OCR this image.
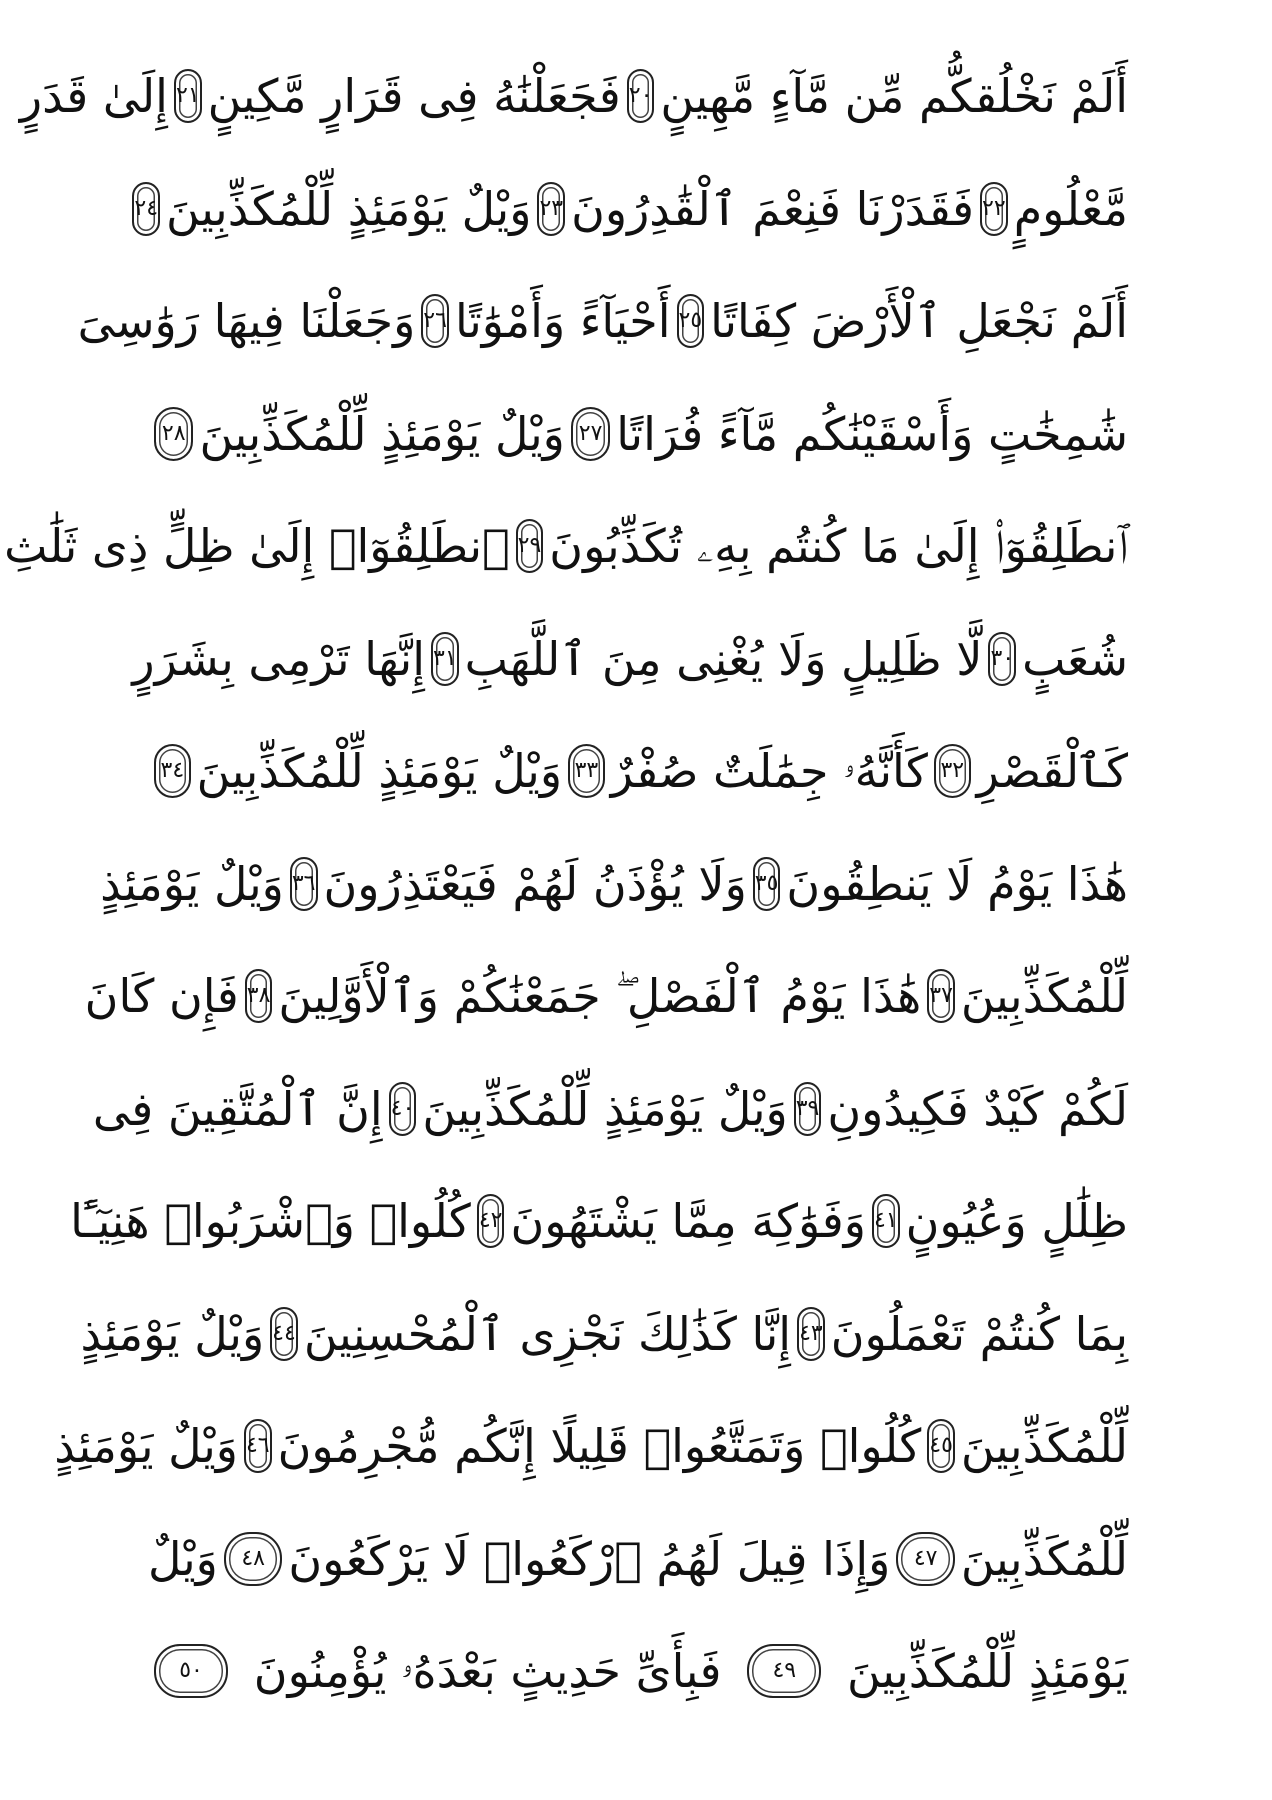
أَلَمْ نَخْلُقكُّم مِّن مَّآءٍ مَّهِينٍ
٢٠
فَجَعَلْنَٰهُ فِى قَرَارٍ مَّكِينٍ
٢١
إِلَىٰ قَدَرٍ
مَّعْلُومٍ
٢٢
فَقَدَرْنَا فَنِعْمَ ٱلْقَٰدِرُونَ
٢٣
وَيْلٌ يَوْمَئِذٍ لِّلْمُكَذِّبِينَ
٢٤
أَلَمْ نَجْعَلِ ٱلْأَرْضَ كِفَاتًا
٢٥
أَحْيَآءً وَأَمْوَٰتًا
٢٦
وَجَعَلْنَا فِيهَا رَوَٰسِىَ
شَٰمِخَٰتٍ وَأَسْقَيْنَٰكُم مَّآءً فُرَاتًا
٢٧
وَيْلٌ يَوْمَئِذٍ لِّلْمُكَذِّبِينَ
٢٨
ٱنطَلِقُوٓا۟ إِلَىٰ مَا كُنتُم بِهِۦ تُكَذِّبُونَ
٢٩
ٱنطَلِقُوٓا۟ إِلَىٰ ظِلٍّ ذِى ثَلَٰثِ
شُعَبٍ
٣٠
لَّا ظَلِيلٍ وَلَا يُغْنِى مِنَ ٱللَّهَبِ
٣١
إِنَّهَا تَرْمِى بِشَرَرٍ
كَٱلْقَصْرِ
٣٢
كَأَنَّهُۥ جِمَٰلَتٌ صُفْرٌ
٣٣
وَيْلٌ يَوْمَئِذٍ لِّلْمُكَذِّبِينَ
٣٤
هَٰذَا يَوْمُ لَا يَنطِقُونَ
٣٥
وَلَا يُؤْذَنُ لَهُمْ فَيَعْتَذِرُونَ
٣٦
وَيْلٌ يَوْمَئِذٍ
لِّلْمُكَذِّبِينَ
٣٧
هَٰذَا يَوْمُ ٱلْفَصْلِ ۖ جَمَعْنَٰكُمْ وَٱلْأَوَّلِينَ
٣٨
فَإِن كَانَ
لَكُمْ كَيْدٌ فَكِيدُونِ
٣٩
وَيْلٌ يَوْمَئِذٍ لِّلْمُكَذِّبِينَ
٤٠
إِنَّ ٱلْمُتَّقِينَ فِى
ظِلَٰلٍ وَعُيُونٍ
٤١
وَفَوَٰكِهَ مِمَّا يَشْتَهُونَ
٤٢
كُلُوا۟ وَٱشْرَبُوا۟ هَنِيٓـًٔا
بِمَا كُنتُمْ تَعْمَلُونَ
٤٣
إِنَّا كَذَٰلِكَ نَجْزِى ٱلْمُحْسِنِينَ
٤٤
وَيْلٌ يَوْمَئِذٍ
لِّلْمُكَذِّبِينَ
٤٥
كُلُوا۟ وَتَمَتَّعُوا۟ قَلِيلًا إِنَّكُم مُّجْرِمُونَ
٤٦
وَيْلٌ يَوْمَئِذٍ
لِّلْمُكَذِّبِينَ
٤٧
وَإِذَا قِيلَ لَهُمُ ٱرْكَعُوا۟ لَا يَرْكَعُونَ
٤٨
وَيْلٌ
يَوْمَئِذٍ لِّلْمُكَذِّبِينَ
٤٩
فَبِأَىِّ حَدِيثٍ بَعْدَهُۥ يُؤْمِنُونَ
٥٠
